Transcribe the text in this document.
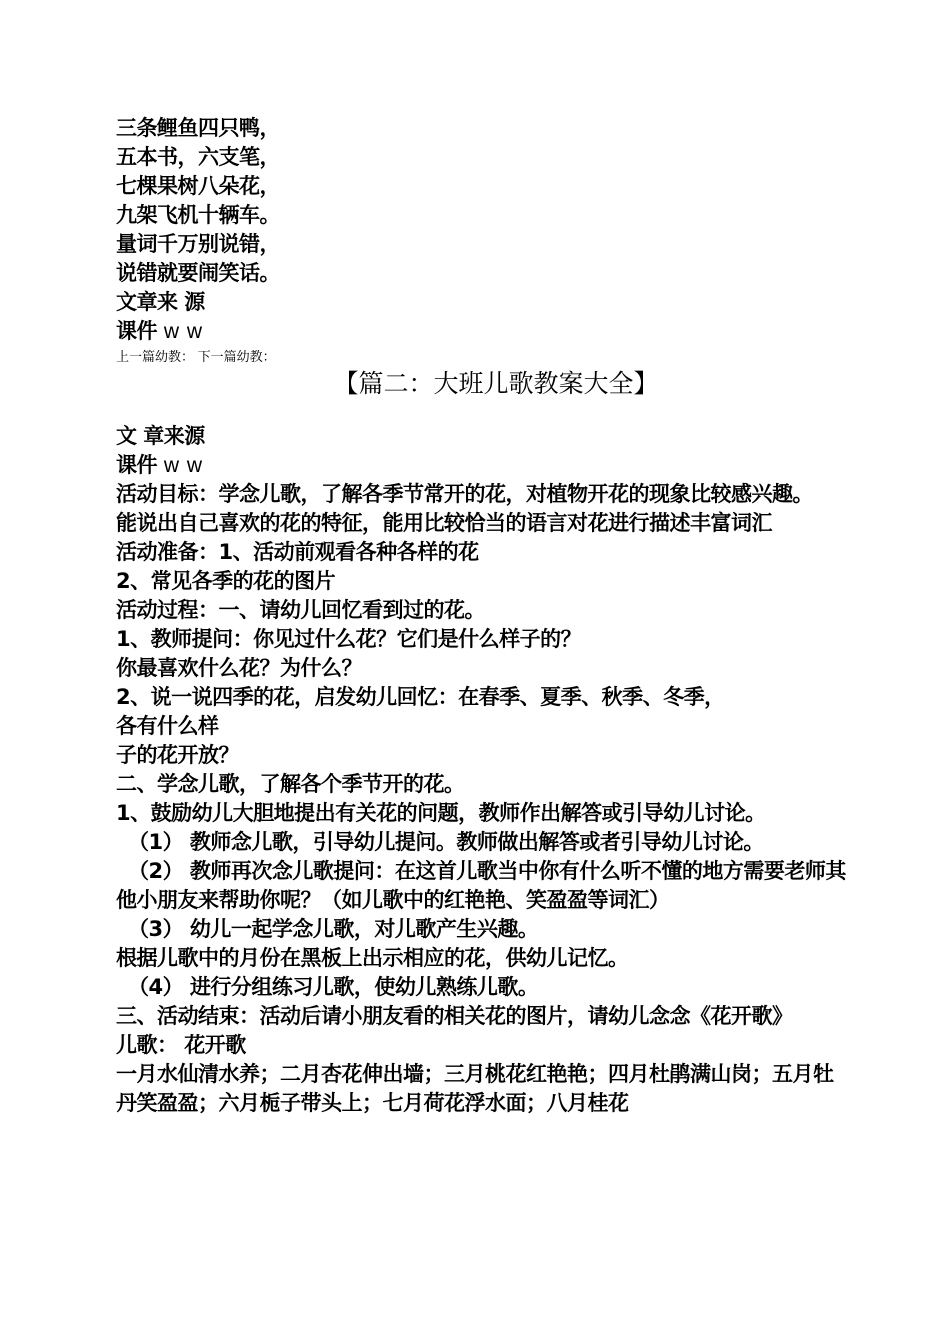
三条鲤鱼四只鸭，
五本书，六支笔，
七棵果树八朵花，
九架飞机十辆车。
量词千万别说错，
说错就要闹笑话。
文章来 源
课件 w w
上一篇幼教： 下一篇幼教：
【篇二：大班儿歌教案大全】
文 章来源
课件 w w
活动目标：学念儿歌，了解各季节常开的花，对植物开花的现象比较感兴趣。
能说出自己喜欢的花的特征，能用比较恰当的语言对花进行描述丰富词汇
活动准备：1、活动前观看各种各样的花
2、常见各季的花的图片
活动过程：一、请幼儿回忆看到过的花。
1、教师提问：你见过什么花？它们是什么样子的？
你最喜欢什么花？为什么？
2、说一说四季的花，启发幼儿回忆：在春季、夏季、秋季、冬季，
各有什么样
子的花开放？
二、学念儿歌，了解各个季节开的花。
1、鼓励幼儿大胆地提出有关花的问题，教师作出解答或引导幼儿讨论。
（1） 教师念儿歌，引导幼儿提问。教师做出解答或者引导幼儿讨论。
（2） 教师再次念儿歌提问：在这首儿歌当中你有什么听不懂的地方需要老师其他小朋友来帮助你呢？（如儿歌中的红艳艳、笑盈盈等词汇）
（3） 幼儿一起学念儿歌，对儿歌产生兴趣。
根据儿歌中的月份在黑板上出示相应的花，供幼儿记忆。
（4） 进行分组练习儿歌，使幼儿熟练儿歌。
三、活动结束：活动后请小朋友看的相关花的图片，请幼儿念念《花开歌》
儿歌： 花开歌
一月水仙清水养；二月杏花伸出墙；三月桃花红艳艳；四月杜鹃满山岗；五月牡丹笑盈盈；六月栀子带头上；七月荷花浮水面；八月桂花
